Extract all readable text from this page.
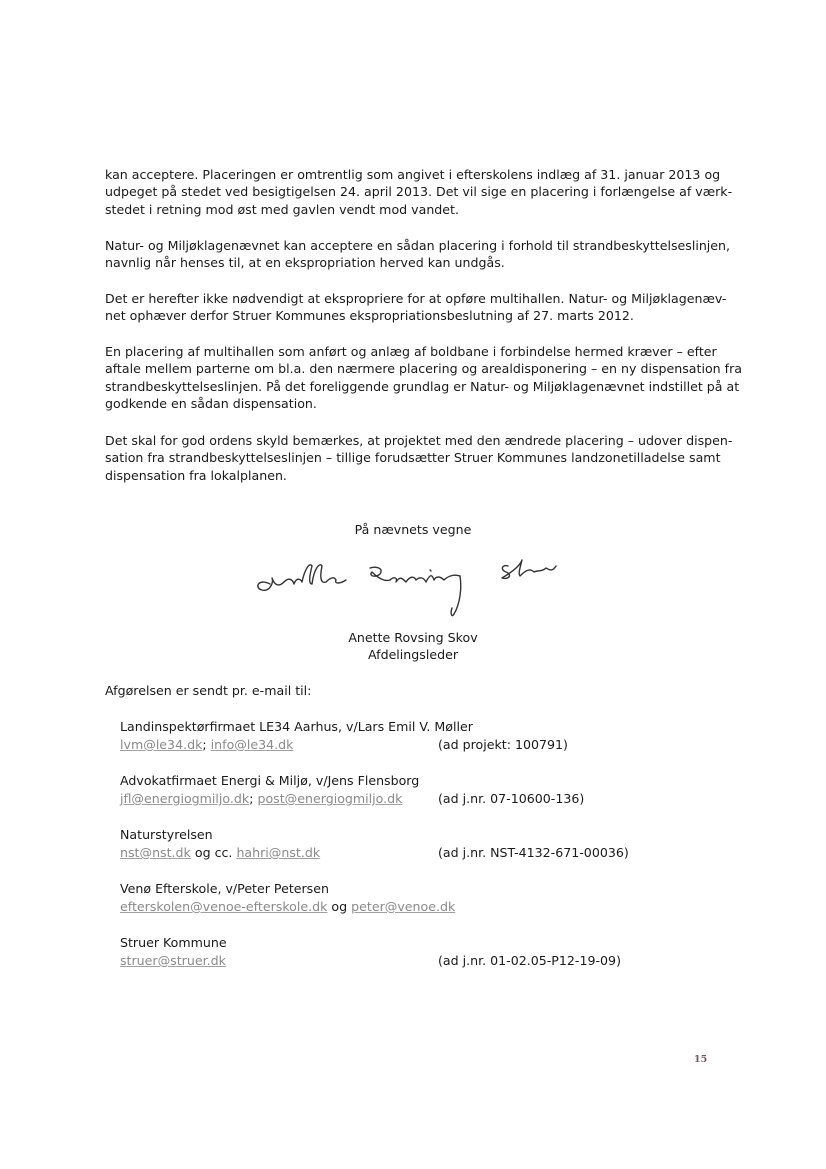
kan acceptere. Placeringen er omtrentlig som angivet i efterskolens indlæg af 31. januar 2013 og
udpeget på stedet ved besigtigelsen 24. april 2013. Det vil sige en placering i forlængelse af værk-
stedet i retning mod øst med gavlen vendt mod vandet.

Natur- og Miljøklagenævnet kan acceptere en sådan placering i forhold til strandbeskyttelseslinjen,
navnlig når henses til, at en ekspropriation herved kan undgås.

Det er herefter ikke nødvendigt at ekspropriere for at opføre multihallen. Natur- og Miljøklagenæv-
net ophæver derfor Struer Kommunes ekspropriationsbeslutning af 27. marts 2012.

En placering af multihallen som anført og anlæg af boldbane i forbindelse hermed kræver – efter
aftale mellem parterne om bl.a. den nærmere placering og arealdisponering – en ny dispensation fra
strandbeskyttelseslinjen. På det foreliggende grundlag er Natur- og Miljøklagenævnet indstillet på at
godkende en sådan dispensation.

Det skal for god ordens skyld bemærkes, at projektet med den ændrede placering – udover dispen-
sation fra strandbeskyttelseslinjen – tillige forudsætter Struer Kommunes landzonetilladelse samt
dispensation fra lokalplanen.

På nævnets vegne
Anette Rovsing Skov
Afdelingsleder
Afgørelsen er sendt pr. e-mail til:
Landinspektørfirmaet LE34 Aarhus, v/Lars Emil V. Møller
lvm@le34.dk; info@le34.dk	(ad projekt: 100791)
Advokatfirmaet Energi & Miljø, v/Jens Flensborg
jfl@energiogmiljo.dk; post@energiogmiljo.dk	(ad j.nr. 07-10600-136)
Naturstyrelsen
nst@nst.dk og cc. hahri@nst.dk	(ad j.nr. NST-4132-671-00036)
Venø Efterskole, v/Peter Petersen
efterskolen@venoe-efterskole.dk og peter@venoe.dk
Struer Kommune
struer@struer.dk	(ad j.nr. 01-02.05-P12-19-09)
15
